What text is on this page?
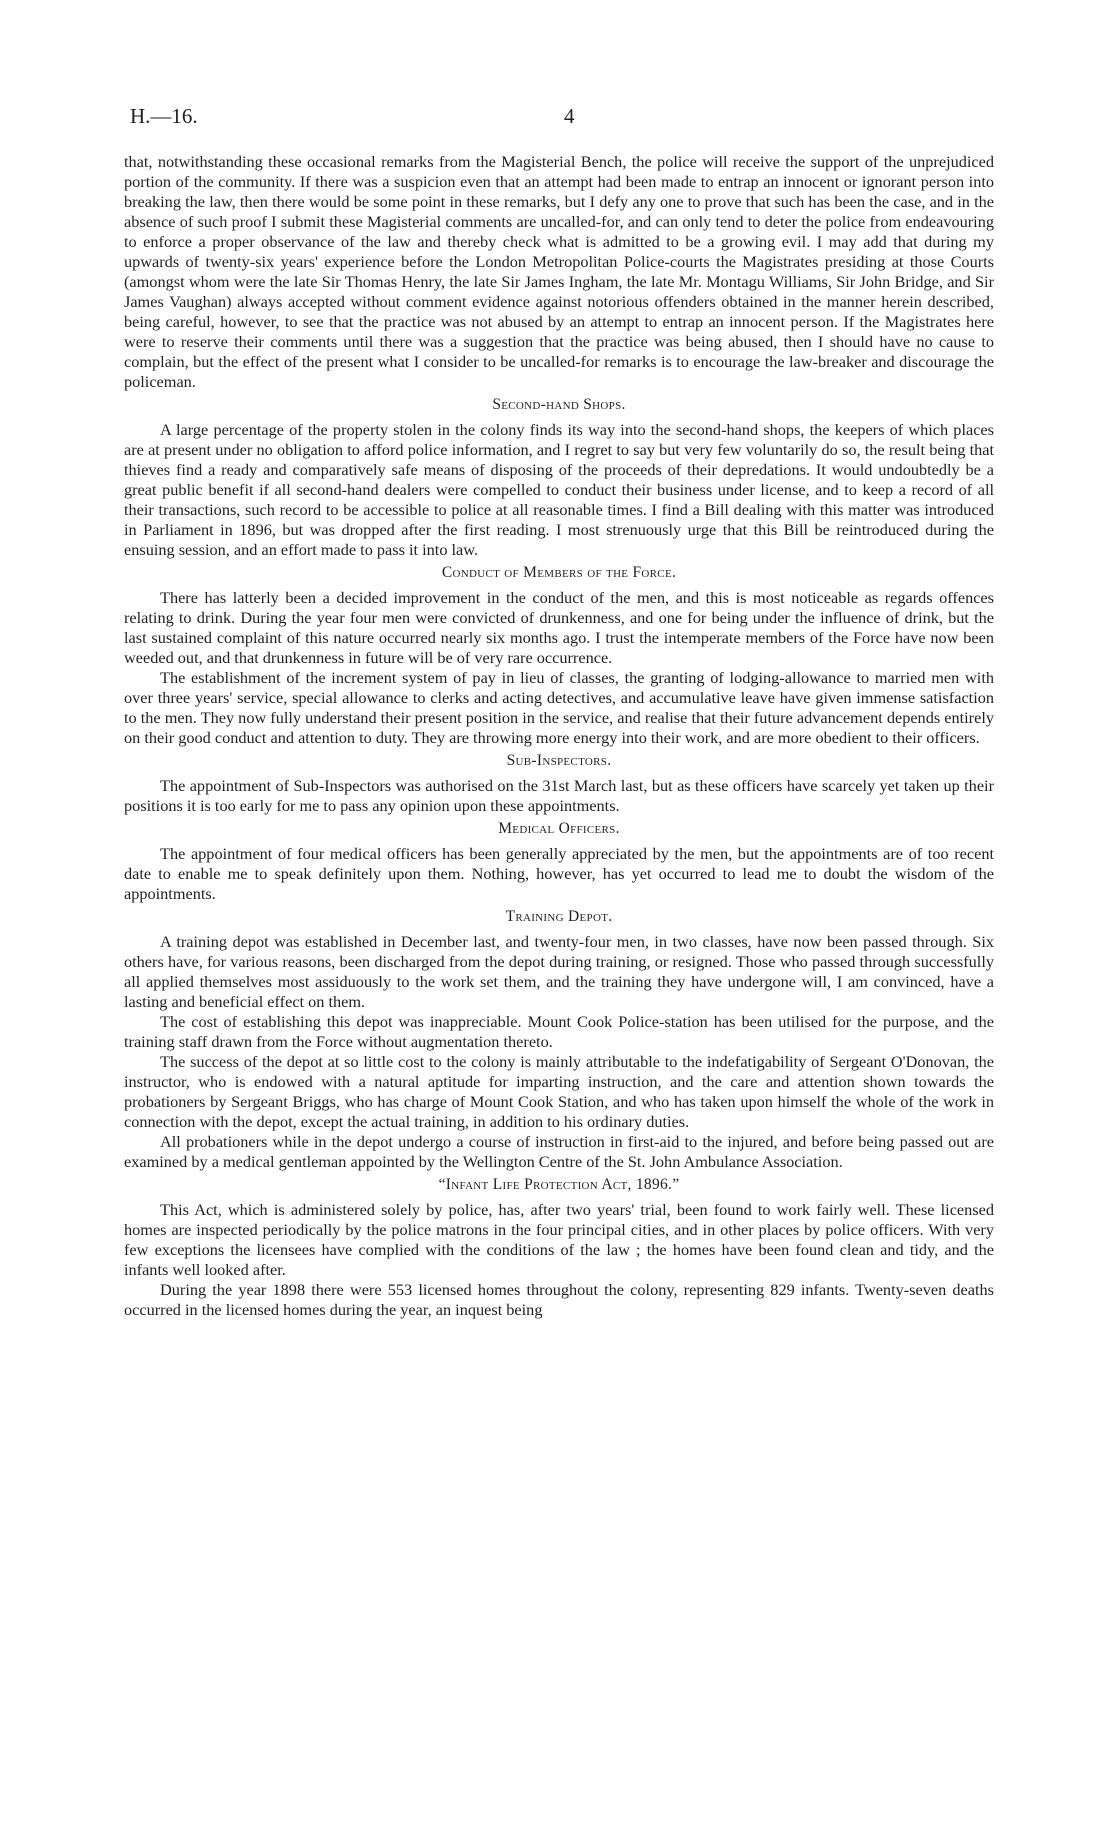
H.—16.	4

that, notwithstanding these occasional remarks from the Magisterial Bench, the police will receive the support of the unprejudiced portion of the community. If there was a suspicion even that an attempt had been made to entrap an innocent or ignorant person into breaking the law, then there would be some point in these remarks, but I defy any one to prove that such has been the case, and in the absence of such proof I submit these Magisterial comments are uncalled-for, and can only tend to deter the police from endeavouring to enforce a proper observance of the law and thereby check what is admitted to be a growing evil. I may add that during my upwards of twenty-six years' experience before the London Metropolitan Police-courts the Magistrates presiding at those Courts (amongst whom were the late Sir Thomas Henry, the late Sir James Ingham, the late Mr. Montagu Williams, Sir John Bridge, and Sir James Vaughan) always accepted without comment evidence against notorious offenders obtained in the manner herein described, being careful, however, to see that the practice was not abused by an attempt to entrap an innocent person. If the Magistrates here were to reserve their comments until there was a suggestion that the practice was being abused, then I should have no cause to complain, but the effect of the present what I consider to be uncalled-for remarks is to encourage the law-breaker and discourage the policeman.

Second-hand Shops.

A large percentage of the property stolen in the colony finds its way into the second-hand shops, the keepers of which places are at present under no obligation to afford police information, and I regret to say but very few voluntarily do so, the result being that thieves find a ready and comparatively safe means of disposing of the proceeds of their depredations. It would undoubtedly be a great public benefit if all second-hand dealers were compelled to conduct their business under license, and to keep a record of all their transactions, such record to be accessible to police at all reasonable times. I find a Bill dealing with this matter was introduced in Parliament in 1896, but was dropped after the first reading. I most strenuously urge that this Bill be reintroduced during the ensuing session, and an effort made to pass it into law.

Conduct of Members of the Force.

There has latterly been a decided improvement in the conduct of the men, and this is most noticeable as regards offences relating to drink. During the year four men were convicted of drunkenness, and one for being under the influence of drink, but the last sustained complaint of this nature occurred nearly six months ago. I trust the intemperate members of the Force have now been weeded out, and that drunkenness in future will be of very rare occurrence.

The establishment of the increment system of pay in lieu of classes, the granting of lodging-allowance to married men with over three years' service, special allowance to clerks and acting detectives, and accumulative leave have given immense satisfaction to the men. They now fully understand their present position in the service, and realise that their future advancement depends entirely on their good conduct and attention to duty. They are throwing more energy into their work, and are more obedient to their officers.

Sub-Inspectors.

The appointment of Sub-Inspectors was authorised on the 31st March last, but as these officers have scarcely yet taken up their positions it is too early for me to pass any opinion upon these appointments.

Medical Officers.

The appointment of four medical officers has been generally appreciated by the men, but the appointments are of too recent date to enable me to speak definitely upon them. Nothing, however, has yet occurred to lead me to doubt the wisdom of the appointments.

Training Depot.

A training depot was established in December last, and twenty-four men, in two classes, have now been passed through. Six others have, for various reasons, been discharged from the depot during training, or resigned. Those who passed through successfully all applied themselves most assiduously to the work set them, and the training they have undergone will, I am convinced, have a lasting and beneficial effect on them.

The cost of establishing this depot was inappreciable. Mount Cook Police-station has been utilised for the purpose, and the training staff drawn from the Force without augmentation thereto.

The success of the depot at so little cost to the colony is mainly attributable to the indefatigability of Sergeant O'Donovan, the instructor, who is endowed with a natural aptitude for imparting instruction, and the care and attention shown towards the probationers by Sergeant Briggs, who has charge of Mount Cook Station, and who has taken upon himself the whole of the work in connection with the depot, except the actual training, in addition to his ordinary duties.

All probationers while in the depot undergo a course of instruction in first-aid to the injured, and before being passed out are examined by a medical gentleman appointed by the Wellington Centre of the St. John Ambulance Association.

“Infant Life Protection Act, 1896.”

This Act, which is administered solely by police, has, after two years' trial, been found to work fairly well. These licensed homes are inspected periodically by the police matrons in the four principal cities, and in other places by police officers. With very few exceptions the licensees have complied with the conditions of the law ; the homes have been found clean and tidy, and the infants well looked after.

During the year 1898 there were 553 licensed homes throughout the colony, representing 829 infants. Twenty-seven deaths occurred in the licensed homes during the year, an inquest being
